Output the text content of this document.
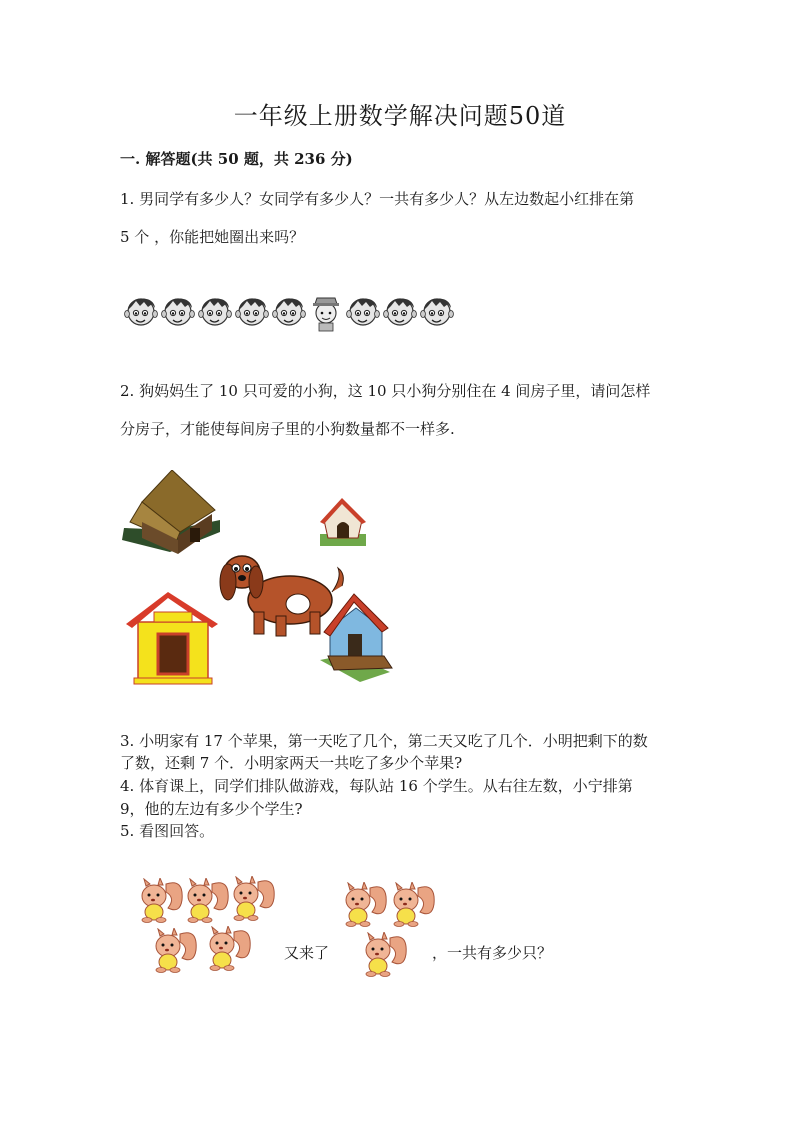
一年级上册数学解决问题50道
一. 解答题(共 50 题，共 236 分)
1. 男同学有多少人？女同学有多少人？一共有多少人？从左边数起小红排在第
5 个 ，你能把她圈出来吗？
2. 狗妈妈生了 10 只可爱的小狗，这 10 只小狗分别住在 4 间房子里，请问怎样
分房子，才能使每间房子里的小狗数量都不一样多.
3. 小明家有 17 个苹果，第一天吃了几个，第二天又吃了几个．小明把剩下的数
了数，还剩 7 个．小明家两天一共吃了多少个苹果?
4. 体育课上，同学们排队做游戏，每队站 16 个学生。从右往左数，小宁排第
9，他的左边有多少个学生?
5. 看图回答。
又来了	，一共有多少只？
